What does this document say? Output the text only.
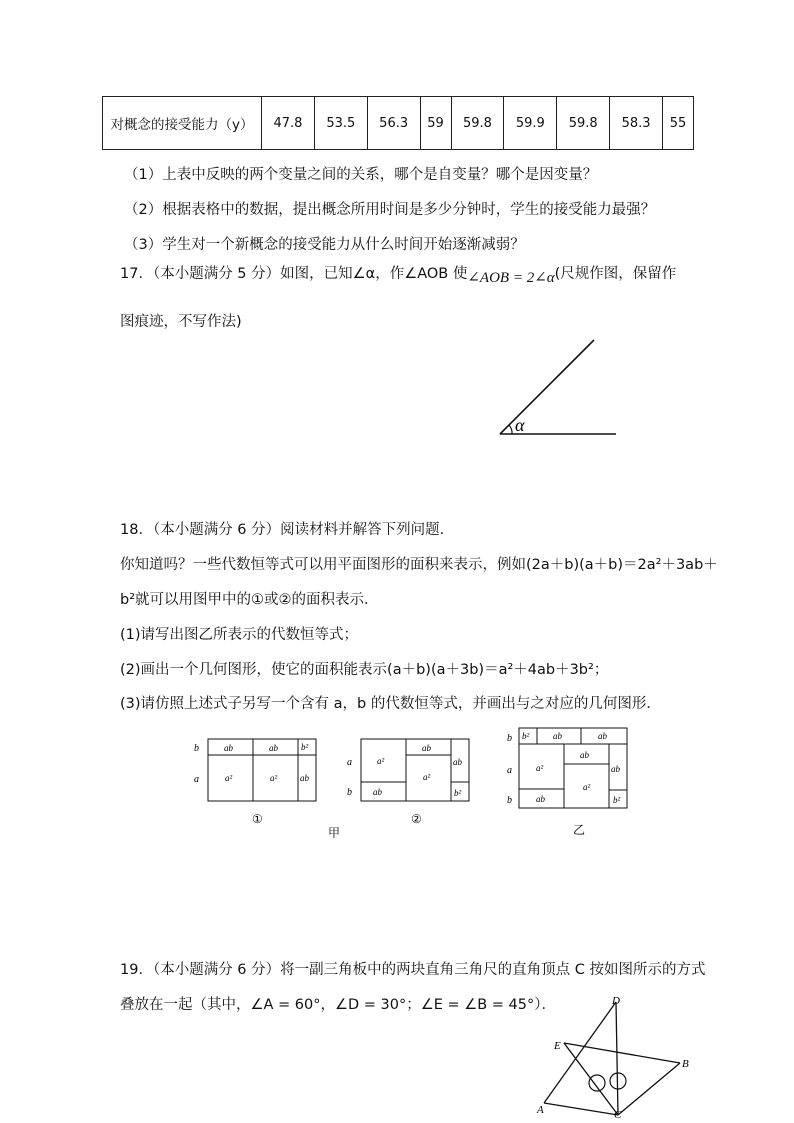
对概念的接受能力（y）	47.8	53.5	56.3	59	59.8	59.9	59.8	58.3	55
（1）上表中反映的两个变量之间的关系，哪个是自变量？哪个是因变量？
（2）根据表格中的数据，提出概念所用时间是多少分钟时，学生的接受能力最强？
（3）学生对一个新概念的接受能力从什么时间开始逐渐减弱？
17．（本小题满分 5 分）如图，已知∠α，作∠AOB 使∠AOB = 2∠α(尺规作图，保留作
图痕迹，不写作法)
α
18．（本小题满分 6 分）阅读材料并解答下列问题．
你知道吗？一些代数恒等式可以用平面图形的面积来表示，例如(2a＋b)(a＋b)＝2a²＋3ab＋
b²就可以用图甲中的①或②的面积表示．
(1)请写出图乙所表示的代数恒等式；
(2)画出一个几何图形，使它的面积能表示(a＋b)(a＋3b)＝a²＋4ab＋3b²；
(3)请仿照上述式子另写一个含有 a，b 的代数恒等式，并画出与之对应的几何图形．
b
a
ab	ab	b²
a²	a²	ab
①
甲
a
b
a²
ab
ab
a²
ab
b²
②
b
a
b
b²	ab	ab
a²
ab
ab
a²
ab
b²
乙
19．（本小题满分 6 分）将一副三角板中的两块直角三角尺的直角顶点 C 按如图所示的方式
叠放在一起（其中，∠A = 60°，∠D = 30°；∠E = ∠B = 45°）．	D
E
B
A	C
